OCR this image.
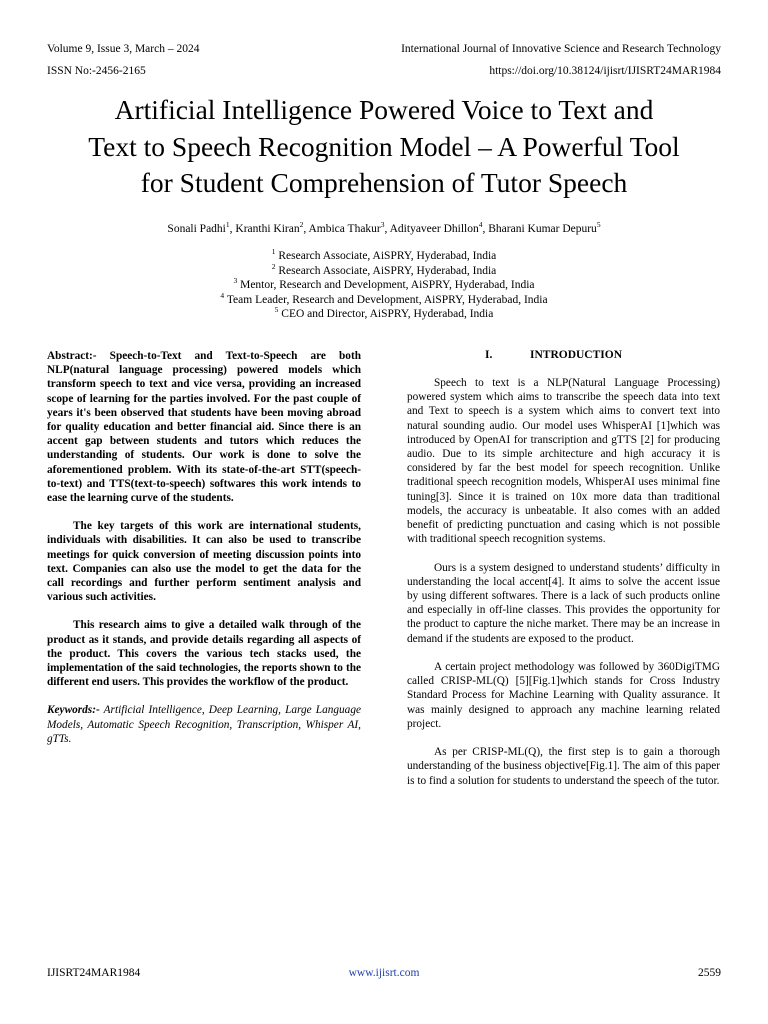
Volume 9, Issue 3, March – 2024	International Journal of Innovative Science and Research Technology
ISSN No:-2456-2165	https://doi.org/10.38124/ijisrt/IJISRT24MAR1984
Artificial Intelligence Powered Voice to Text and
Text to Speech Recognition Model – A Powerful Tool
for Student Comprehension of Tutor Speech
Sonali Padhi$^1$, Kranthi Kiran$^2$, Ambica Thakur$^3$, Adityaveer Dhillon$^4$, Bharani Kumar Depuru$^5$
$^1$ Research Associate, AiSPRY, Hyderabad, India
$^2$ Research Associate, AiSPRY, Hyderabad, India
$^3$ Mentor, Research and Development, AiSPRY, Hyderabad, India
$^4$ Team Leader, Research and Development, AiSPRY, Hyderabad, India
$^5$ CEO and Director, AiSPRY, Hyderabad, India

Abstract:- Speech-to-Text and Text-to-Speech are both NLP(natural language processing) powered models which transform speech to text and vice versa, providing an increased scope of learning for the parties involved. For the past couple of years it's been observed that students have been moving abroad for quality education and better financial aid. Since there is an accent gap between students and tutors which reduces the understanding of students. Our work is done to solve the aforementioned problem. With its state-of-the-art STT(speech-to-text) and TTS(text-to-speech) softwares this work intends to ease the learning curve of the students.

The key targets of this work are international students, individuals with disabilities. It can also be used to transcribe meetings for quick conversion of meeting discussion points into text. Companies can also use the model to get the data for the call recordings and further perform sentiment analysis and various such activities.

This research aims to give a detailed walk through of the product as it stands, and provide details regarding all aspects of the product. This covers the various tech stacks used, the implementation of the said technologies, the reports shown to the different end users. This provides the workflow of the product.

Keywords:- Artificial Intelligence, Deep Learning, Large Language Models, Automatic Speech Recognition, Transcription, Whisper AI, gTTs.

I.	INTRODUCTION

Speech to text is a NLP(Natural Language Processing) powered system which aims to transcribe the speech data into text and Text to speech is a system which aims to convert text into natural sounding audio. Our model uses WhisperAI [1]which was introduced by OpenAI for transcription and gTTS [2] for producing audio. Due to its simple architecture and high accuracy it is considered by far the best model for speech recognition. Unlike traditional speech recognition models, WhisperAI uses minimal fine tuning[3]. Since it is trained on 10x more data than traditional models, the accuracy is unbeatable. It also comes with an added benefit of predicting punctuation and casing which is not possible with traditional speech recognition systems.

Ours is a system designed to understand students’ difficulty in understanding the local accent[4]. It aims to solve the accent issue by using different softwares. There is a lack of such products online and especially in off-line classes. This provides the opportunity for the product to capture the niche market. There may be an increase in demand if the students are exposed to the product.

A certain project methodology was followed by 360DigiTMG called CRISP-ML(Q) [5][Fig.1]which stands for Cross Industry Standard Process for Machine Learning with Quality assurance. It was mainly designed to approach any machine learning related project.

As per CRISP-ML(Q), the first step is to gain a thorough understanding of the business objective[Fig.1]. The aim of this paper is to find a solution for students to understand the speech of the tutor.

IJISRT24MAR1984	www.ijisrt.com	2559
